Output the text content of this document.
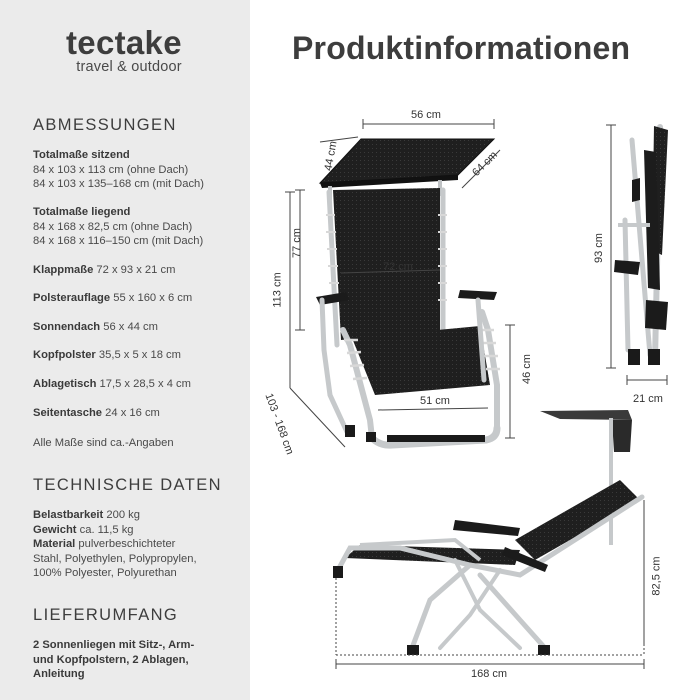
tectake
travel & outdoor
ABMESSUNGEN
Totalmaße sitzend
84 x 103 x 113 cm (ohne Dach)
84 x 103 x 135–168 cm (mit Dach)
Totalmaße liegend
84 x 168 x 82,5 cm (ohne Dach)
84 x 168 x 116–150 cm (mit Dach)
Klappmaße 72 x 93 x 21 cm
Polsterauflage 55 x 160 x 6 cm
Sonnendach 56 x 44 cm
Kopfpolster 35,5 x 5 x 18 cm
Ablagetisch 17,5 x 28,5 x 4 cm
Seitentasche 24 x 16 cm
Alle Maße sind ca.-Angaben
TECHNISCHE DATEN
Belastbarkeit 200 kg
Gewicht ca. 11,5 kg
Material pulverbeschichteter
Stahl, Polyethylen, Polypropylen,
100% Polyester, Polyurethan
LIEFERUMFANG
2 Sonnenliegen mit Sitz-, Arm-
und Kopfpolstern, 2 Ablagen,
Anleitung
Produktinformationen
56 cm
44 cm	64 cm
77 cm
113 cm
72 cm
46 cm
51 cm
103 - 168 cm
93 cm
21 cm
82,5 cm
168 cm
